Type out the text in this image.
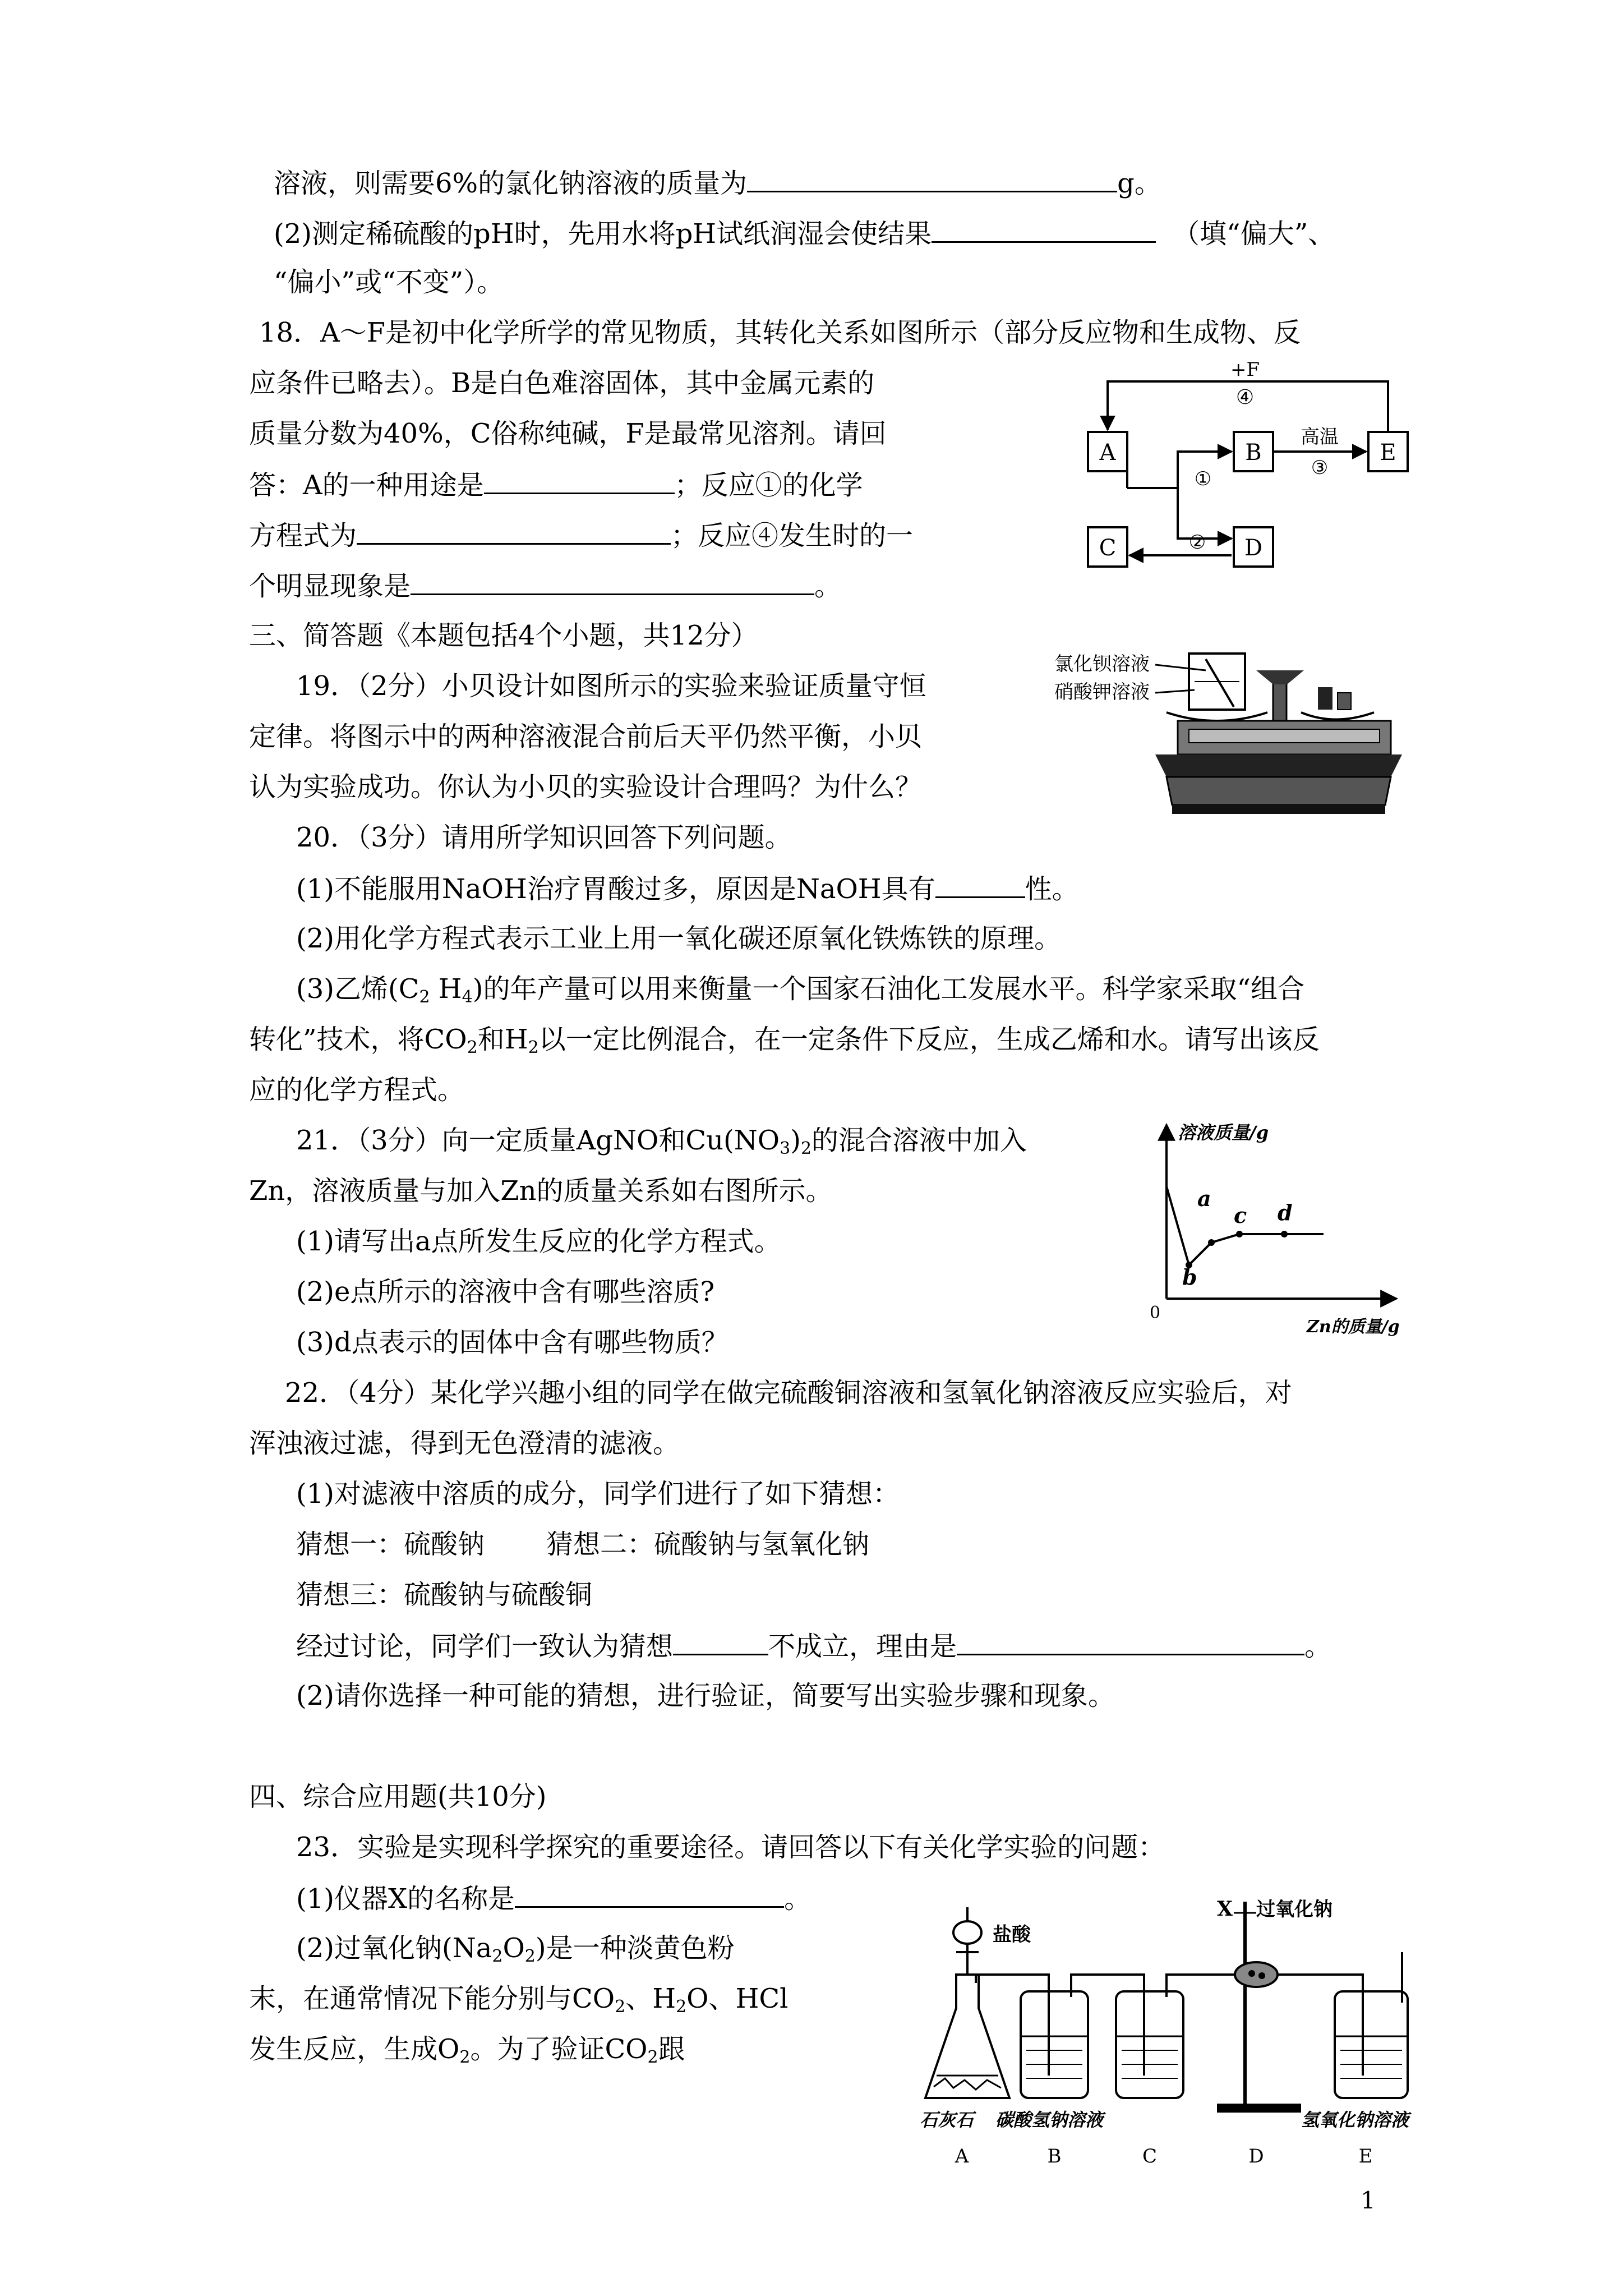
溶液，则需要6%的氯化钠溶液的质量为	g。
(2)测定稀硫酸的pH时，先用水将pH试纸润湿会使结果	（填“偏大”、
“偏小”或“不变”）。
18．A～F是初中化学所学的常见物质，其转化关系如图所示（部分反应物和生成物、反
应条件已略去）。B是白色难溶固体，其中金属元素的
质量分数为40%，C俗称纯碱，F是最常见溶剂。请回
答：A的一种用途是	；反应①的化学
方程式为	；反应④发生时的一
个明显现象是	。
A	B	E
C	D
+F
④
高温
③
①
②
三、简答题《本题包括4个小题，共12分）
19．（2分）小贝设计如图所示的实验来验证质量守恒
定律。将图示中的两种溶液混合前后天平仍然平衡，小贝
认为实验成功。你认为小贝的实验设计合理吗？为什么？
氯化钡溶液
硝酸钾溶液
20．（3分）请用所学知识回答下列问题。
(1)不能服用NaOH治疗胃酸过多，原因是NaOH具有	性。
(2)用化学方程式表示工业上用一氧化碳还原氧化铁炼铁的原理。
(3)乙烯($C_2$ $H_4$)的年产量可以用来衡量一个国家石油化工发展水平。科学家采取“组合
转化”技术，将$CO_2$和$H_2$以一定比例混合，在一定条件下反应，生成乙烯和水。请写出该反
应的化学方程式。
21．（3分）向一定质量AgNO和$Cu(NO_3)_2$的混合溶液中加入
Zn，溶液质量与加入Zn的质量关系如右图所示。
(1)请写出a点所发生反应的化学方程式。
(2)e点所示的溶液中含有哪些溶质?
(3)d点表示的固体中含有哪些物质？
溶液质量/g
Zn的质量/g
0
a
b
c d
22．（4分）某化学兴趣小组的同学在做完硫酸铜溶液和氢氧化钠溶液反应实验后，对
浑浊液过滤，得到无色澄清的滤液。
(1)对滤液中溶质的成分，同学们进行了如下猜想：
猜想一：硫酸钠 猜想二：硫酸钠与氢氧化钠
猜想三：硫酸钠与硫酸铜
经过讨论，同学们一致认为猜想	不成立，理由是	。
(2)请你选择一种可能的猜想，进行验证，简要写出实验步骤和现象。
四、综合应用题(共10分)
23．实验是实现科学探究的重要途径。请回答以下有关化学实验的问题：
(1)仪器X的名称是	。
(2)过氧化钠$(Na_2O_2)$是一种淡黄色粉
末，在通常情况下能分别与$CO_2$、$H_2O$、HCl
发生反应，生成$O_2$。为了验证$CO_2$跟
X 过氧化钠
盐酸
石灰石 碳酸氢钠溶液	氢氧化钠溶液
A	B	C	D	E
1
